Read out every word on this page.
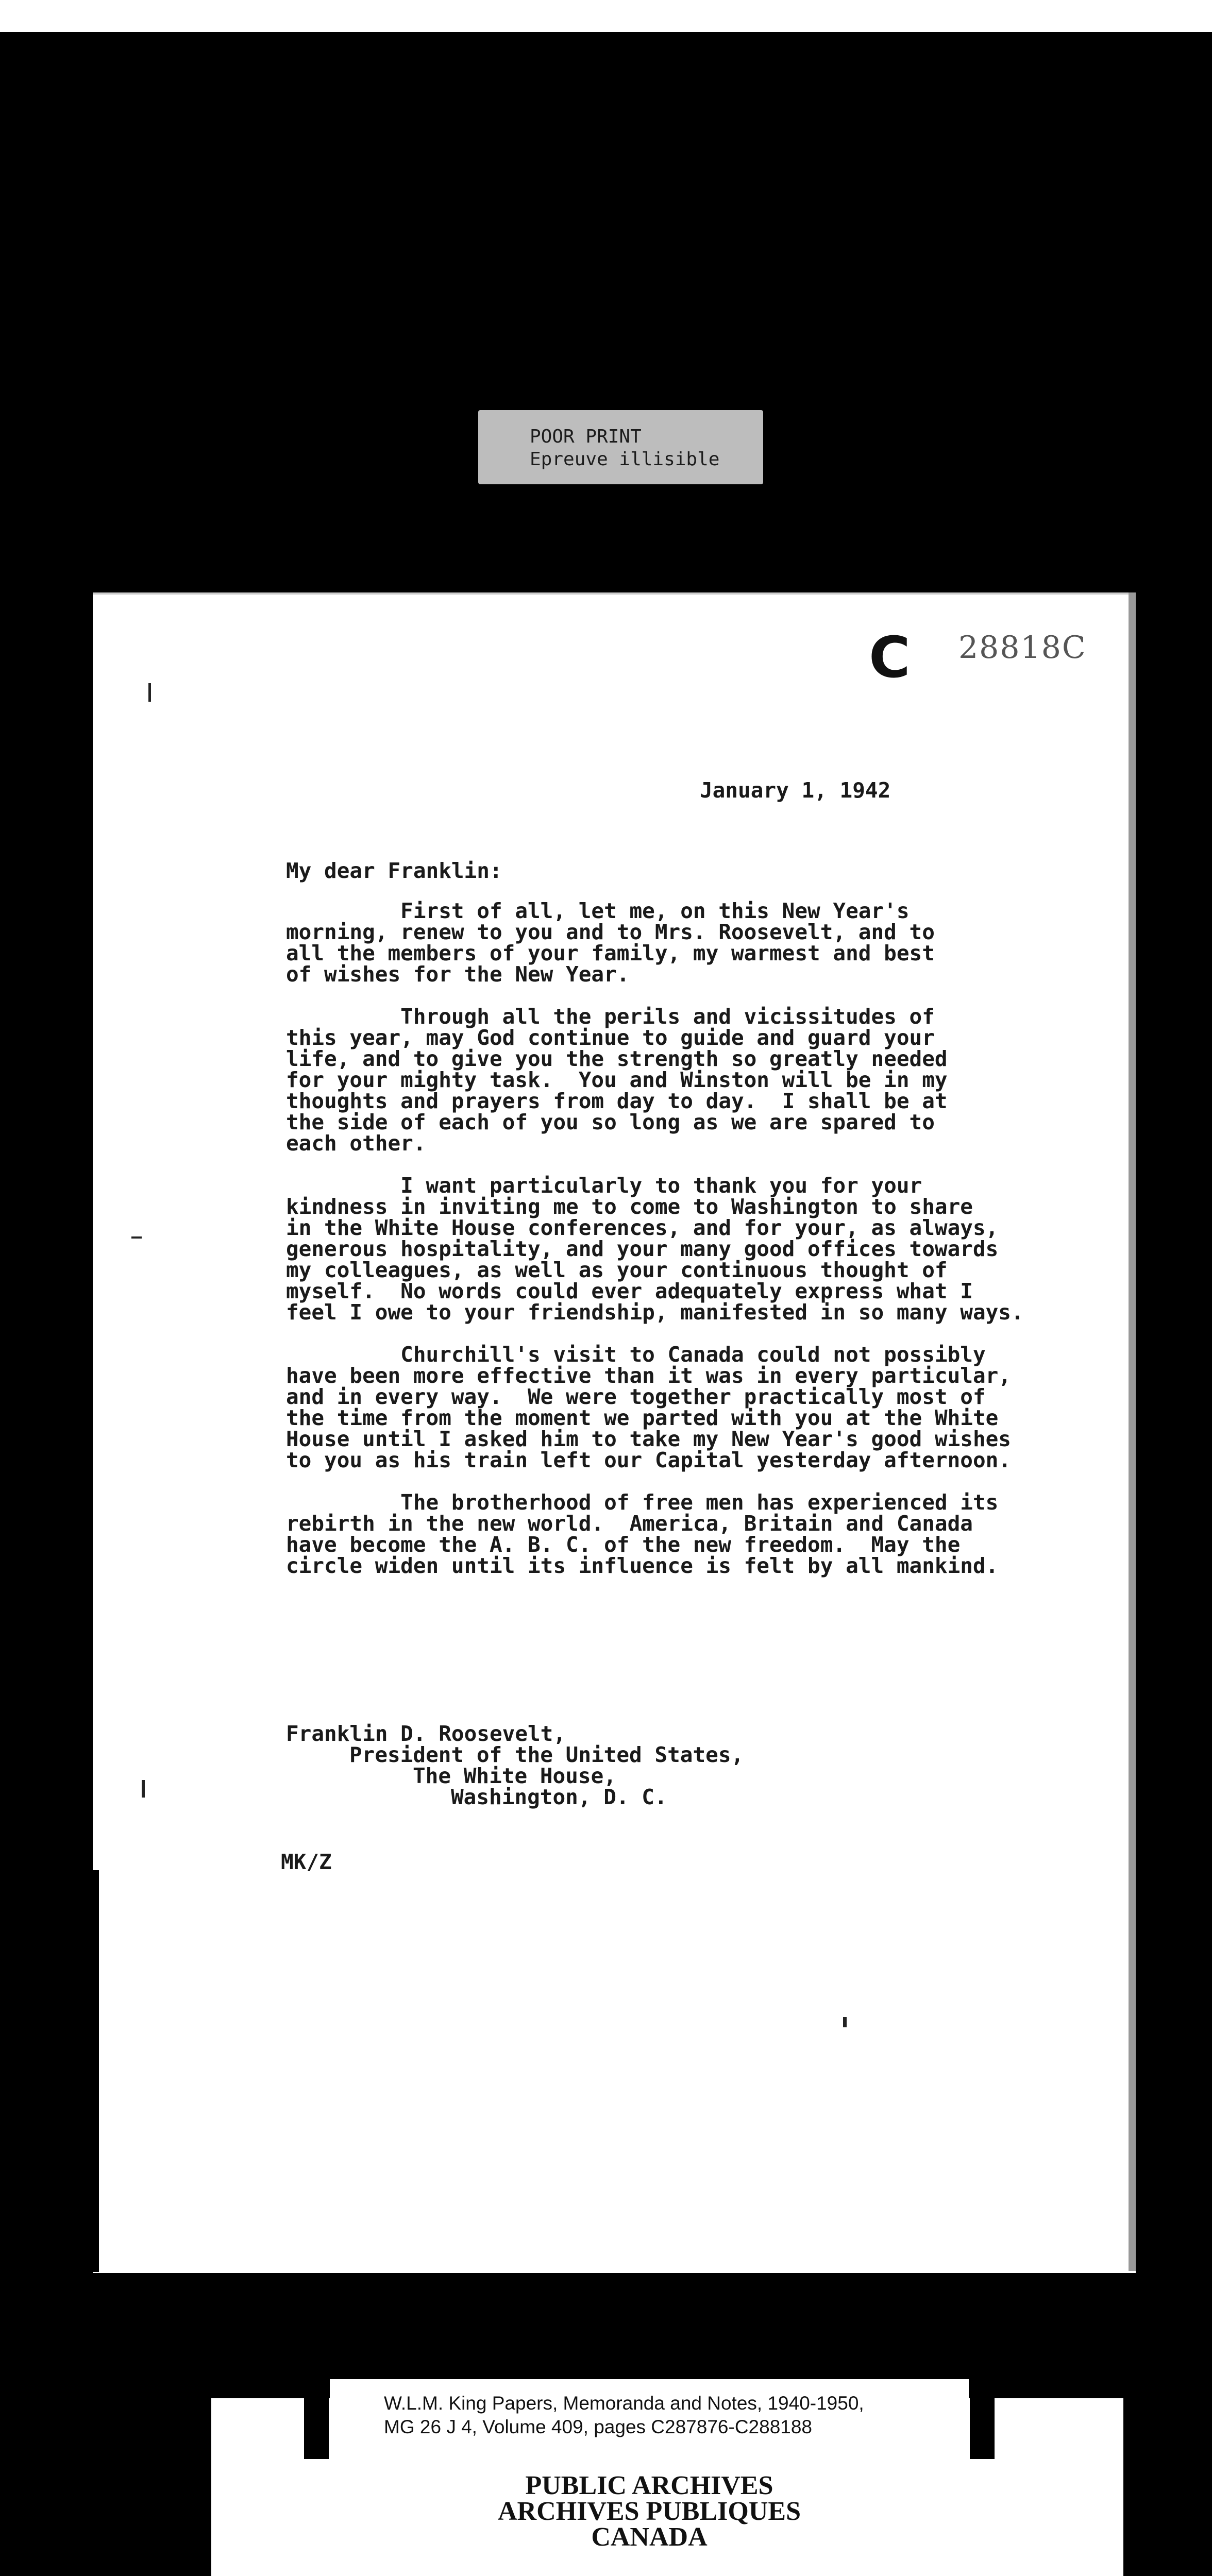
POOR PRINT
Epreuve illisible
C 28818C
January 1, 1942
My dear Franklin:
First of all, let me, on this New Year's
morning, renew to you and to Mrs. Roosevelt, and to
all the members of your family, my warmest and best
of wishes for the New Year.
Through all the perils and vicissitudes of
this year, may God continue to guide and guard your
life, and to give you the strength so greatly needed
for your mighty task.  You and Winston will be in my
thoughts and prayers from day to day.  I shall be at
the side of each of you so long as we are spared to
each other.
I want particularly to thank you for your
kindness in inviting me to come to Washington to share
in the White House conferences, and for your, as always,
generous hospitality, and your many good offices towards
my colleagues, as well as your continuous thought of
myself.  No words could ever adequately express what I
feel I owe to your friendship, manifested in so many ways.
Churchill's visit to Canada could not possibly
have been more effective than it was in every particular,
and in every way.  We were together practically most of
the time from the moment we parted with you at the White
House until I asked him to take my New Year's good wishes
to you as his train left our Capital yesterday afternoon.
The brotherhood of free men has experienced its
rebirth in the new world.  America, Britain and Canada
have become the A. B. C. of the new freedom.  May the
circle widen until its influence is felt by all mankind.
Franklin D. Roosevelt,
President of the United States,
The White House,
Washington, D. C.
MK/Z
W.L.M. King Papers, Memoranda and Notes, 1940-1950,
MG 26 J 4, Volume 409, pages C287876-C288188
PUBLIC ARCHIVES
ARCHIVES PUBLIQUES
CANADA
